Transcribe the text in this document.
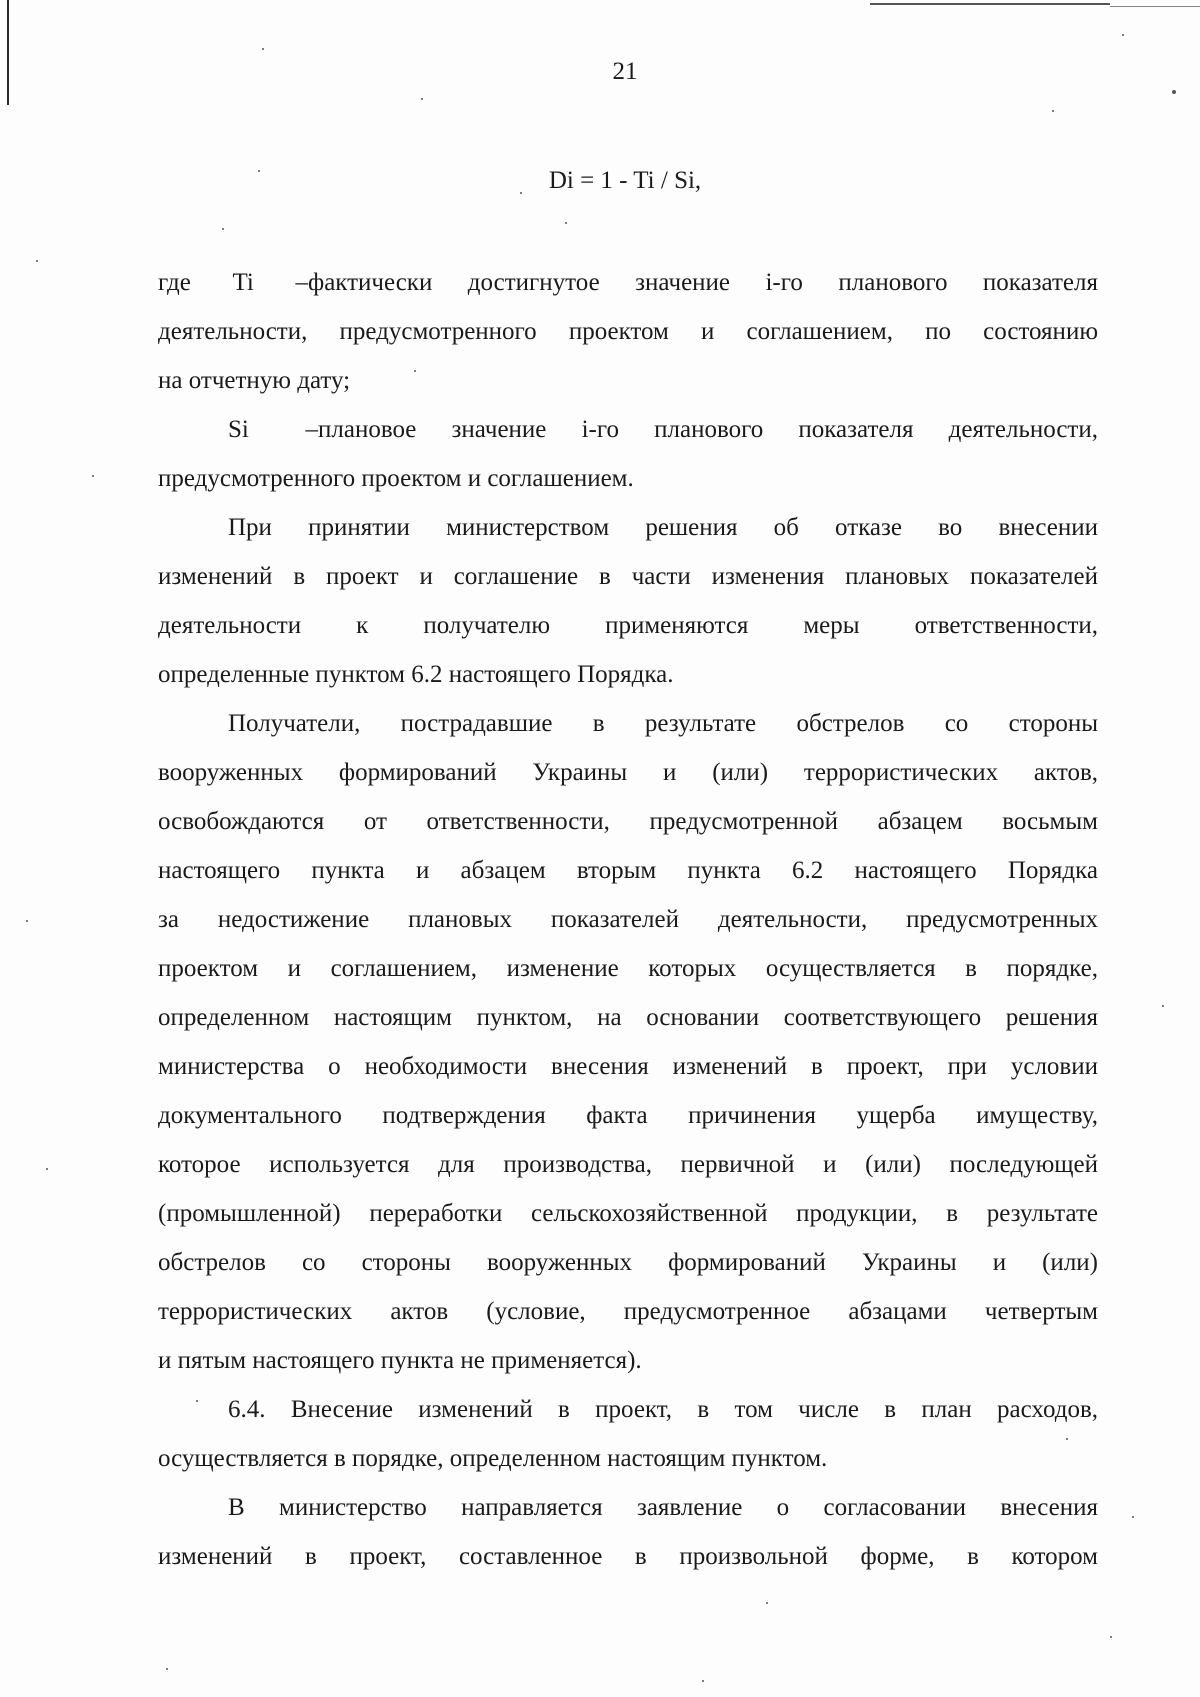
21
Di = 1 - Ti / Si,
где Ti –фактически достигнутое значение i-го планового показателя
деятельности, предусмотренного проектом и соглашением, по состоянию
на отчетную дату;
Si –плановое значение i-го планового показателя деятельности,
предусмотренного проектом и соглашением.
При принятии министерством решения об отказе во внесении
изменений в проект и соглашение в части изменения плановых показателей
деятельности к получателю применяются меры ответственности,
определенные пунктом 6.2 настоящего Порядка.
Получатели, пострадавшие в результате обстрелов со стороны
вооруженных формирований Украины и (или) террористических актов,
освобождаются от ответственности, предусмотренной абзацем восьмым
настоящего пункта и абзацем вторым пункта 6.2 настоящего Порядка
за недостижение плановых показателей деятельности, предусмотренных
проектом и соглашением, изменение которых осуществляется в порядке,
определенном настоящим пунктом, на основании соответствующего решения
министерства о необходимости внесения изменений в проект, при условии
документального подтверждения факта причинения ущерба имуществу,
которое используется для производства, первичной и (или) последующей
(промышленной) переработки сельскохозяйственной продукции, в результате
обстрелов со стороны вооруженных формирований Украины и (или)
террористических актов (условие, предусмотренное абзацами четвертым
и пятым настоящего пункта не применяется).
6.4. Внесение изменений в проект, в том числе в план расходов,
осуществляется в порядке, определенном настоящим пунктом.
В министерство направляется заявление о согласовании внесения
изменений в проект, составленное в произвольной форме, в котором
